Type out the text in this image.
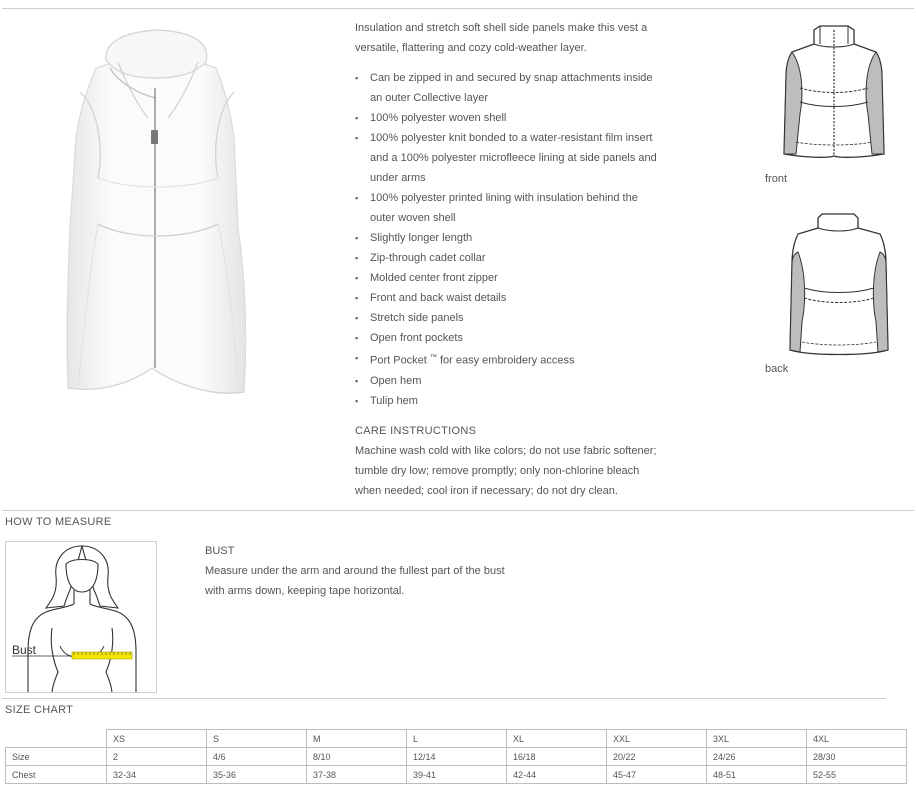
Insulation and stretch soft shell side panels make this vest a versatile, flattering and cozy cold-weather layer.

▪ Can be zipped in and secured by snap attachments inside an outer Collective layer
▪ 100% polyester woven shell
▪ 100% polyester knit bonded to a water-resistant film insert and a 100% polyester microfleece lining at side panels and under arms
▪ 100% polyester printed lining with insulation behind the outer woven shell
▪ Slightly longer length
▪ Zip-through cadet collar
▪ Molded center front zipper
▪ Front and back waist details
▪ Stretch side panels
▪ Open front pockets
▪ Port Pocket ™ for easy embroidery access
▪ Open hem
▪ Tulip hem
CARE INSTRUCTIONS

Machine wash cold with like colors; do not use fabric softener; tumble dry low; remove promptly; only non-chlorine bleach when needed; cool iron if necessary; do not dry clean.

front
back
HOW TO MEASURE
Bust
BUST
Measure under the arm and around the fullest part of the bust with arms down, keeping tape horizontal.
SIZE CHART
	XS	S	M	L	XL	XXL	3XL	4XL
Size	2	4/6	8/10	12/14	16/18	20/22	24/26	28/30
Chest	32-34	35-36	37-38	39-41	42-44	45-47	48-51	52-55
